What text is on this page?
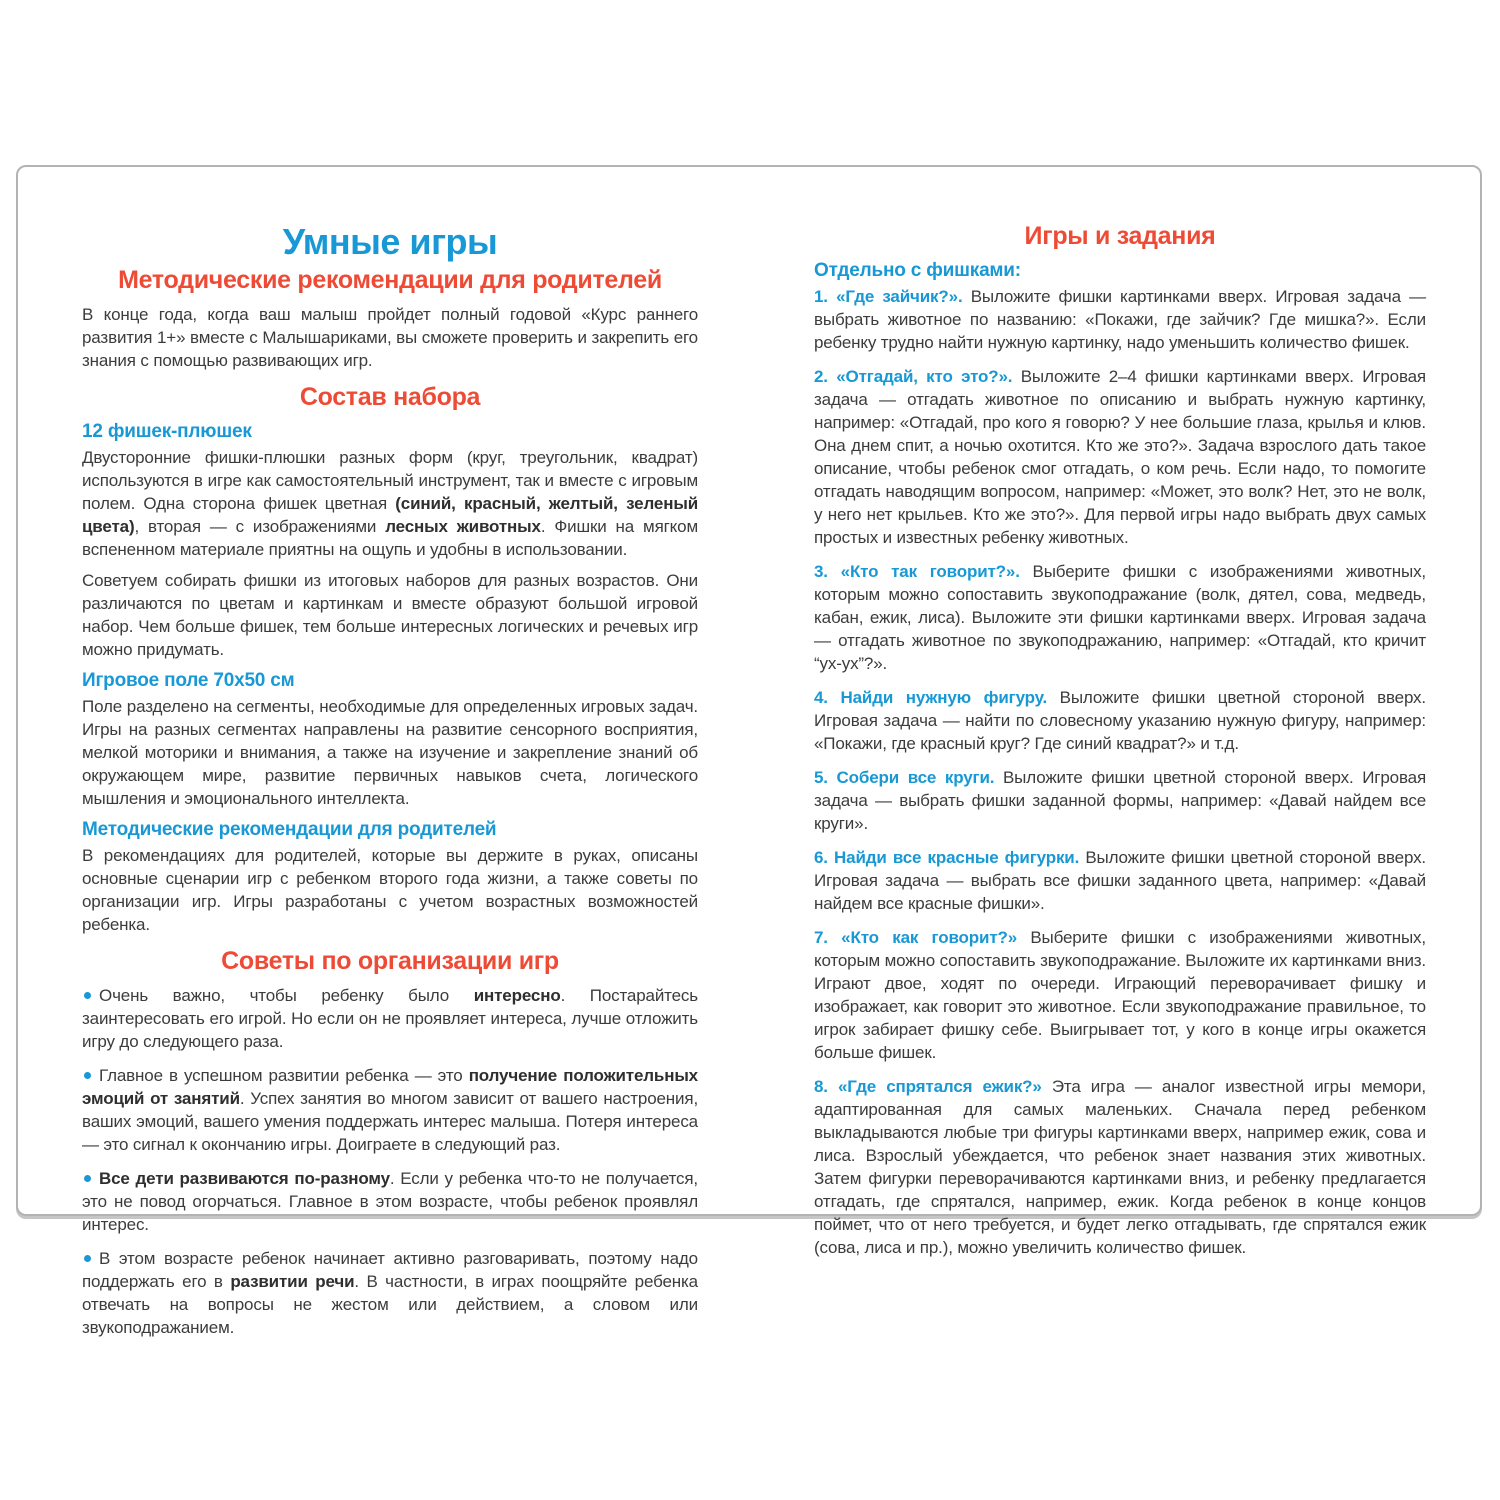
Умные игры
Методические рекомендации для родителей

В конце года, когда ваш малыш пройдет полный годовой «Курс раннего развития 1+» вместе с Малышариками, вы сможете проверить и закрепить его знания с помощью развивающих игр.

Состав набора
12 фишек-плюшек

Двусторонние фишки-плюшки разных форм (круг, треугольник, квадрат) используются в игре как самостоятельный инструмент, так и вместе с игровым полем. Одна сторона фишек цветная (синий, красный, желтый, зеленый цвета), вторая — с изображениями лесных животных. Фишки на мягком вспененном материале приятны на ощупь и удобны в использовании.

Советуем собирать фишки из итоговых наборов для разных возрастов. Они различаются по цветам и картинкам и вместе образуют большой игровой набор. Чем больше фишек, тем больше интересных логических и речевых игр можно придумать.

Игровое поле 70х50 см

Поле разделено на сегменты, необходимые для определенных игровых задач. Игры на разных сегментах направлены на развитие сенсорного восприятия, мелкой моторики и внимания, а также на изучение и закрепление знаний об окружающем мире, развитие первичных навыков счета, логического мышления и эмоционального интеллекта.

Методические рекомендации для родителей

В рекомендациях для родителей, которые вы держите в руках, описаны основные сценарии игр с ребенком второго года жизни, а также советы по организации игр. Игры разработаны с учетом возрастных возможностей ребенка.

Советы по организации игр

Очень важно, чтобы ребенку было интересно. Постарайтесь заинтересовать его игрой. Но если он не проявляет интереса, лучше отложить игру до следующего раза.

Главное в успешном развитии ребенка — это получение положительных эмоций от занятий. Успех занятия во многом зависит от вашего настроения, ваших эмоций, вашего умения поддержать интерес малыша. Потеря интереса — это сигнал к окончанию игры. Доиграете в следующий раз.

Все дети развиваются по-разному. Если у ребенка что-то не получается, это не повод огорчаться. Главное в этом возрасте, чтобы ребенок проявлял интерес.

В этом возрасте ребенок начинает активно разговаривать, поэтому надо поддержать его в развитии речи. В частности, в играх поощряйте ребенка отвечать на вопросы не жестом или действием, а словом или звукоподражанием.

Игры и задания
Отдельно с фишками:

1. «Где зайчик?». Выложите фишки картинками вверх. Игровая задача — выбрать животное по названию: «Покажи, где зайчик? Где мишка?». Если ребенку трудно найти нужную картинку, надо уменьшить количество фишек.

2. «Отгадай, кто это?». Выложите 2–4 фишки картинками вверх. Игровая задача — отгадать животное по описанию и выбрать нужную картинку, например: «Отгадай, про кого я говорю? У нее большие глаза, крылья и клюв. Она днем спит, а ночью охотится. Кто же это?». Задача взрослого дать такое описание, чтобы ребенок смог отгадать, о ком речь. Если надо, то помогите отгадать наводящим вопросом, например: «Может, это волк? Нет, это не волк, у него нет крыльев. Кто же это?». Для первой игры надо выбрать двух самых простых и известных ребенку животных.

3. «Кто так говорит?». Выберите фишки с изображениями животных, которым можно сопоставить звукоподражание (волк, дятел, сова, медведь, кабан, ежик, лиса). Выложите эти фишки картинками вверх. Игровая задача — отгадать животное по звукоподражанию, например: «Отгадай, кто кричит “ух-ух”?».

4. Найди нужную фигуру. Выложите фишки цветной стороной вверх. Игровая задача — найти по словесному указанию нужную фигуру, например: «Покажи, где красный круг? Где синий квадрат?» и т.д.

5. Собери все круги. Выложите фишки цветной стороной вверх. Игровая задача — выбрать фишки заданной формы, например: «Давай найдем все круги».

6. Найди все красные фигурки. Выложите фишки цветной стороной вверх. Игровая задача — выбрать все фишки заданного цвета, например: «Давай найдем все красные фишки».

7. «Кто как говорит?» Выберите фишки с изображениями животных, которым можно сопоставить звукоподражание. Выложите их картинками вниз. Играют двое, ходят по очереди. Играющий переворачивает фишку и изображает, как говорит это животное. Если звукоподражание правильное, то игрок забирает фишку себе. Выигрывает тот, у кого в конце игры окажется больше фишек.

8. «Где спрятался ежик?» Эта игра — аналог известной игры мемори, адаптированная для самых маленьких. Сначала перед ребенком выкладываются любые три фигуры картинками вверх, например ежик, сова и лиса. Взрослый убеждается, что ребенок знает названия этих животных. Затем фигурки переворачиваются картинками вниз, и ребенку предлагается отгадать, где спрятался, например, ежик. Когда ребенок в конце концов поймет, что от него требуется, и будет легко отгадывать, где спрятался ежик (сова, лиса и пр.), можно увеличить количество фишек.
